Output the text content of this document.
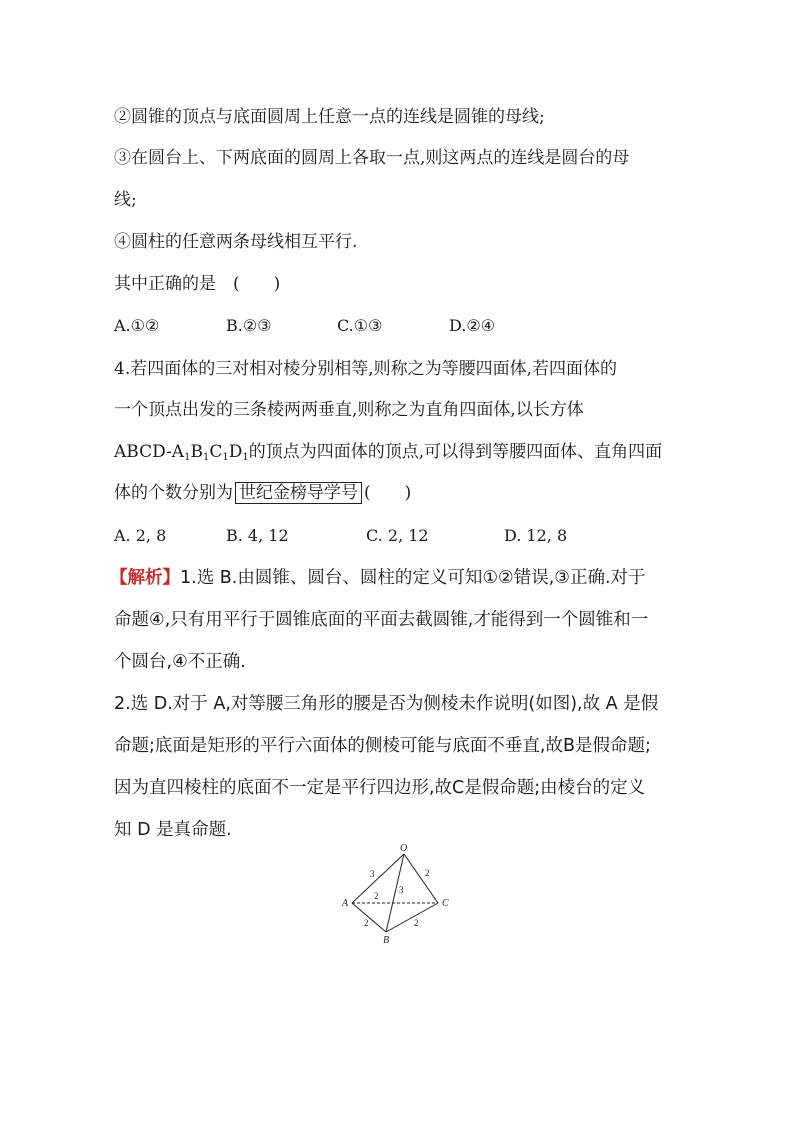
②圆锥的顶点与底面圆周上任意一点的连线是圆锥的母线;
③在圆台上、下两底面的圆周上各取一点,则这两点的连线是圆台的母
线;
④圆柱的任意两条母线相互平行.
其中正确的是　(　　)
A.①②	B.②③	C.①③	D.②④
4.若四面体的三对相对棱分别相等,则称之为等腰四面体,若四面体的
一个顶点出发的三条棱两两垂直,则称之为直角四面体,以长方体
ABCD-$A_1B_1C_1D_1$的顶点为四面体的顶点,可以得到等腰四面体、直角四面
体的个数分别为 世纪金榜导学号 (　　)
A. 2, 8	B. 4, 12	C. 2, 12	D. 12, 8
【解析】1.选 B.由圆锥、圆台、圆柱的定义可知①②错误,③正确.对于
命题④,只有用平行于圆锥底面的平面去截圆锥,才能得到一个圆锥和一
个圆台,④不正确.
2.选 D.对于 A,对等腰三角形的腰是否为侧棱未作说明(如图),故 A 是假
命题;底面是矩形的平行六面体的侧棱可能与底面不垂直,故B是假命题;
因为直四棱柱的底面不一定是平行四边形,故C是假命题;由棱台的定义
知 D 是真命题.
O
A
B
C
3
3
2
2
2	2
